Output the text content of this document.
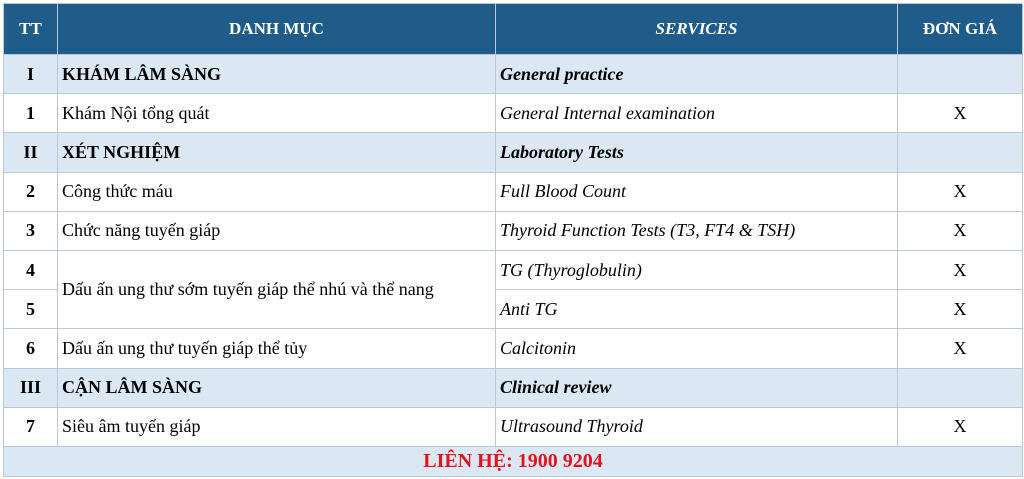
TT	DANH MỤC	SERVICES	ĐƠN GIÁ
I	KHÁM LÂM SÀNG	General practice	
1	Khám Nội tổng quát	General Internal examination	X
II	XÉT NGHIỆM	Laboratory Tests	
2	Công thức máu	Full Blood Count	X
3	Chức năng tuyến giáp	Thyroid Function Tests (T3, FT4 & TSH)	X
4	Dấu ấn ung thư sớm tuyến giáp thể nhú và thể nang	TG (Thyroglobulin)	X
5		Anti TG	X
6	Dấu ấn ung thư tuyến giáp thể tủy	Calcitonin	X
III	CẬN LÂM SÀNG	Clinical review	
7	Siêu âm tuyến giáp	Ultrasound Thyroid	X
LIÊN HỆ: 1900 9204			
